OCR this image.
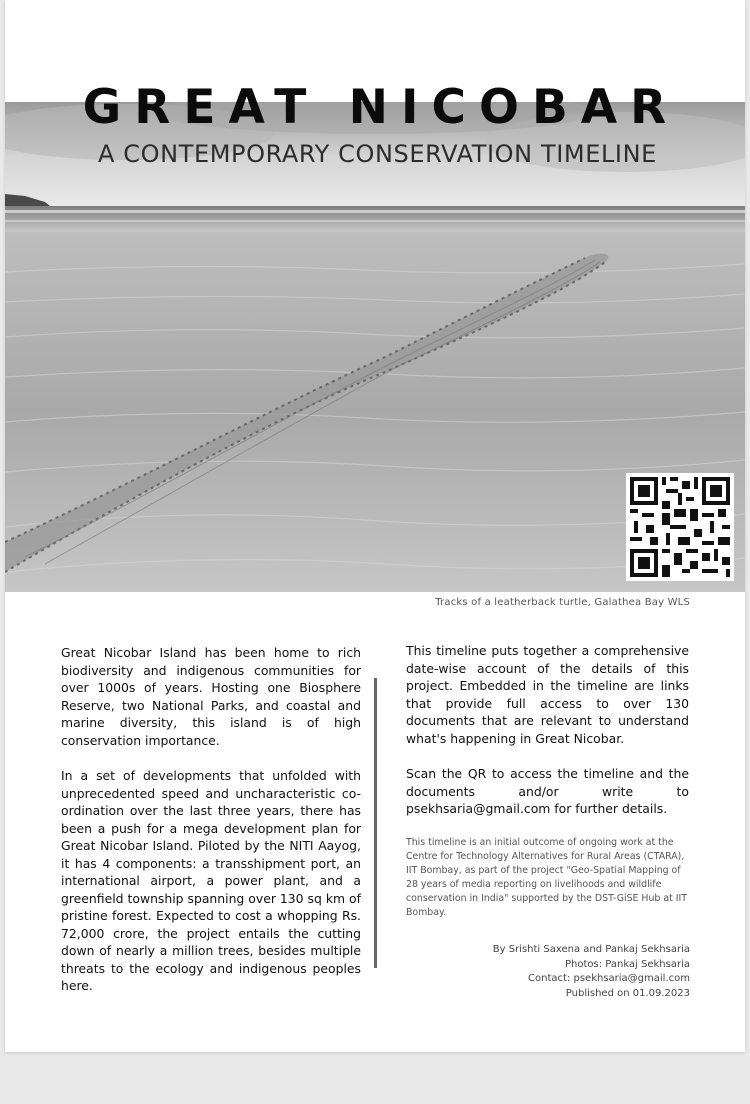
GREAT NICOBAR
A CONTEMPORARY CONSERVATION TIMELINE
Tracks of a leatherback turtle, Galathea Bay WLS

Great Nicobar Island has been home to rich biodiversity and indigenous communities for over 1000s of years. Hosting one Biosphere Reserve, two National Parks, and coastal and marine diversity, this island is of high conservation importance.

In a set of developments that unfolded with unprecedented speed and uncharacteristic co-ordination over the last three years, there has been a push for a mega development plan for Great Nicobar Island. Piloted by the NITI Aayog, it has 4 components: a transshipment port, an international airport, a power plant, and a greenfield township spanning over 130 sq km of pristine forest. Expected to cost a whopping Rs. 72,000 crore, the project entails the cutting down of nearly a million trees, besides multiple threats to the ecology and indigenous peoples here.

This timeline puts together a comprehensive date-wise account of the details of this project. Embedded in the timeline are links that provide full access to over 130 documents that are relevant to understand what's happening in Great Nicobar.

Scan the QR to access the timeline and the documents and/or write to psekhsaria@gmail.com for further details.

This timeline is an initial outcome of ongoing work at the Centre for Technology Alternatives for Rural Areas (CTARA), IIT Bombay, as part of the project "Geo-Spatial Mapping of 28 years of media reporting on livelihoods and wildlife conservation in India" supported by the DST-GiSE Hub at IIT Bombay.

By Srishti Saxena and Pankaj Sekhsaria
Photos: Pankaj Sekhsaria
Contact: psekhsaria@gmail.com
Published on 01.09.2023
